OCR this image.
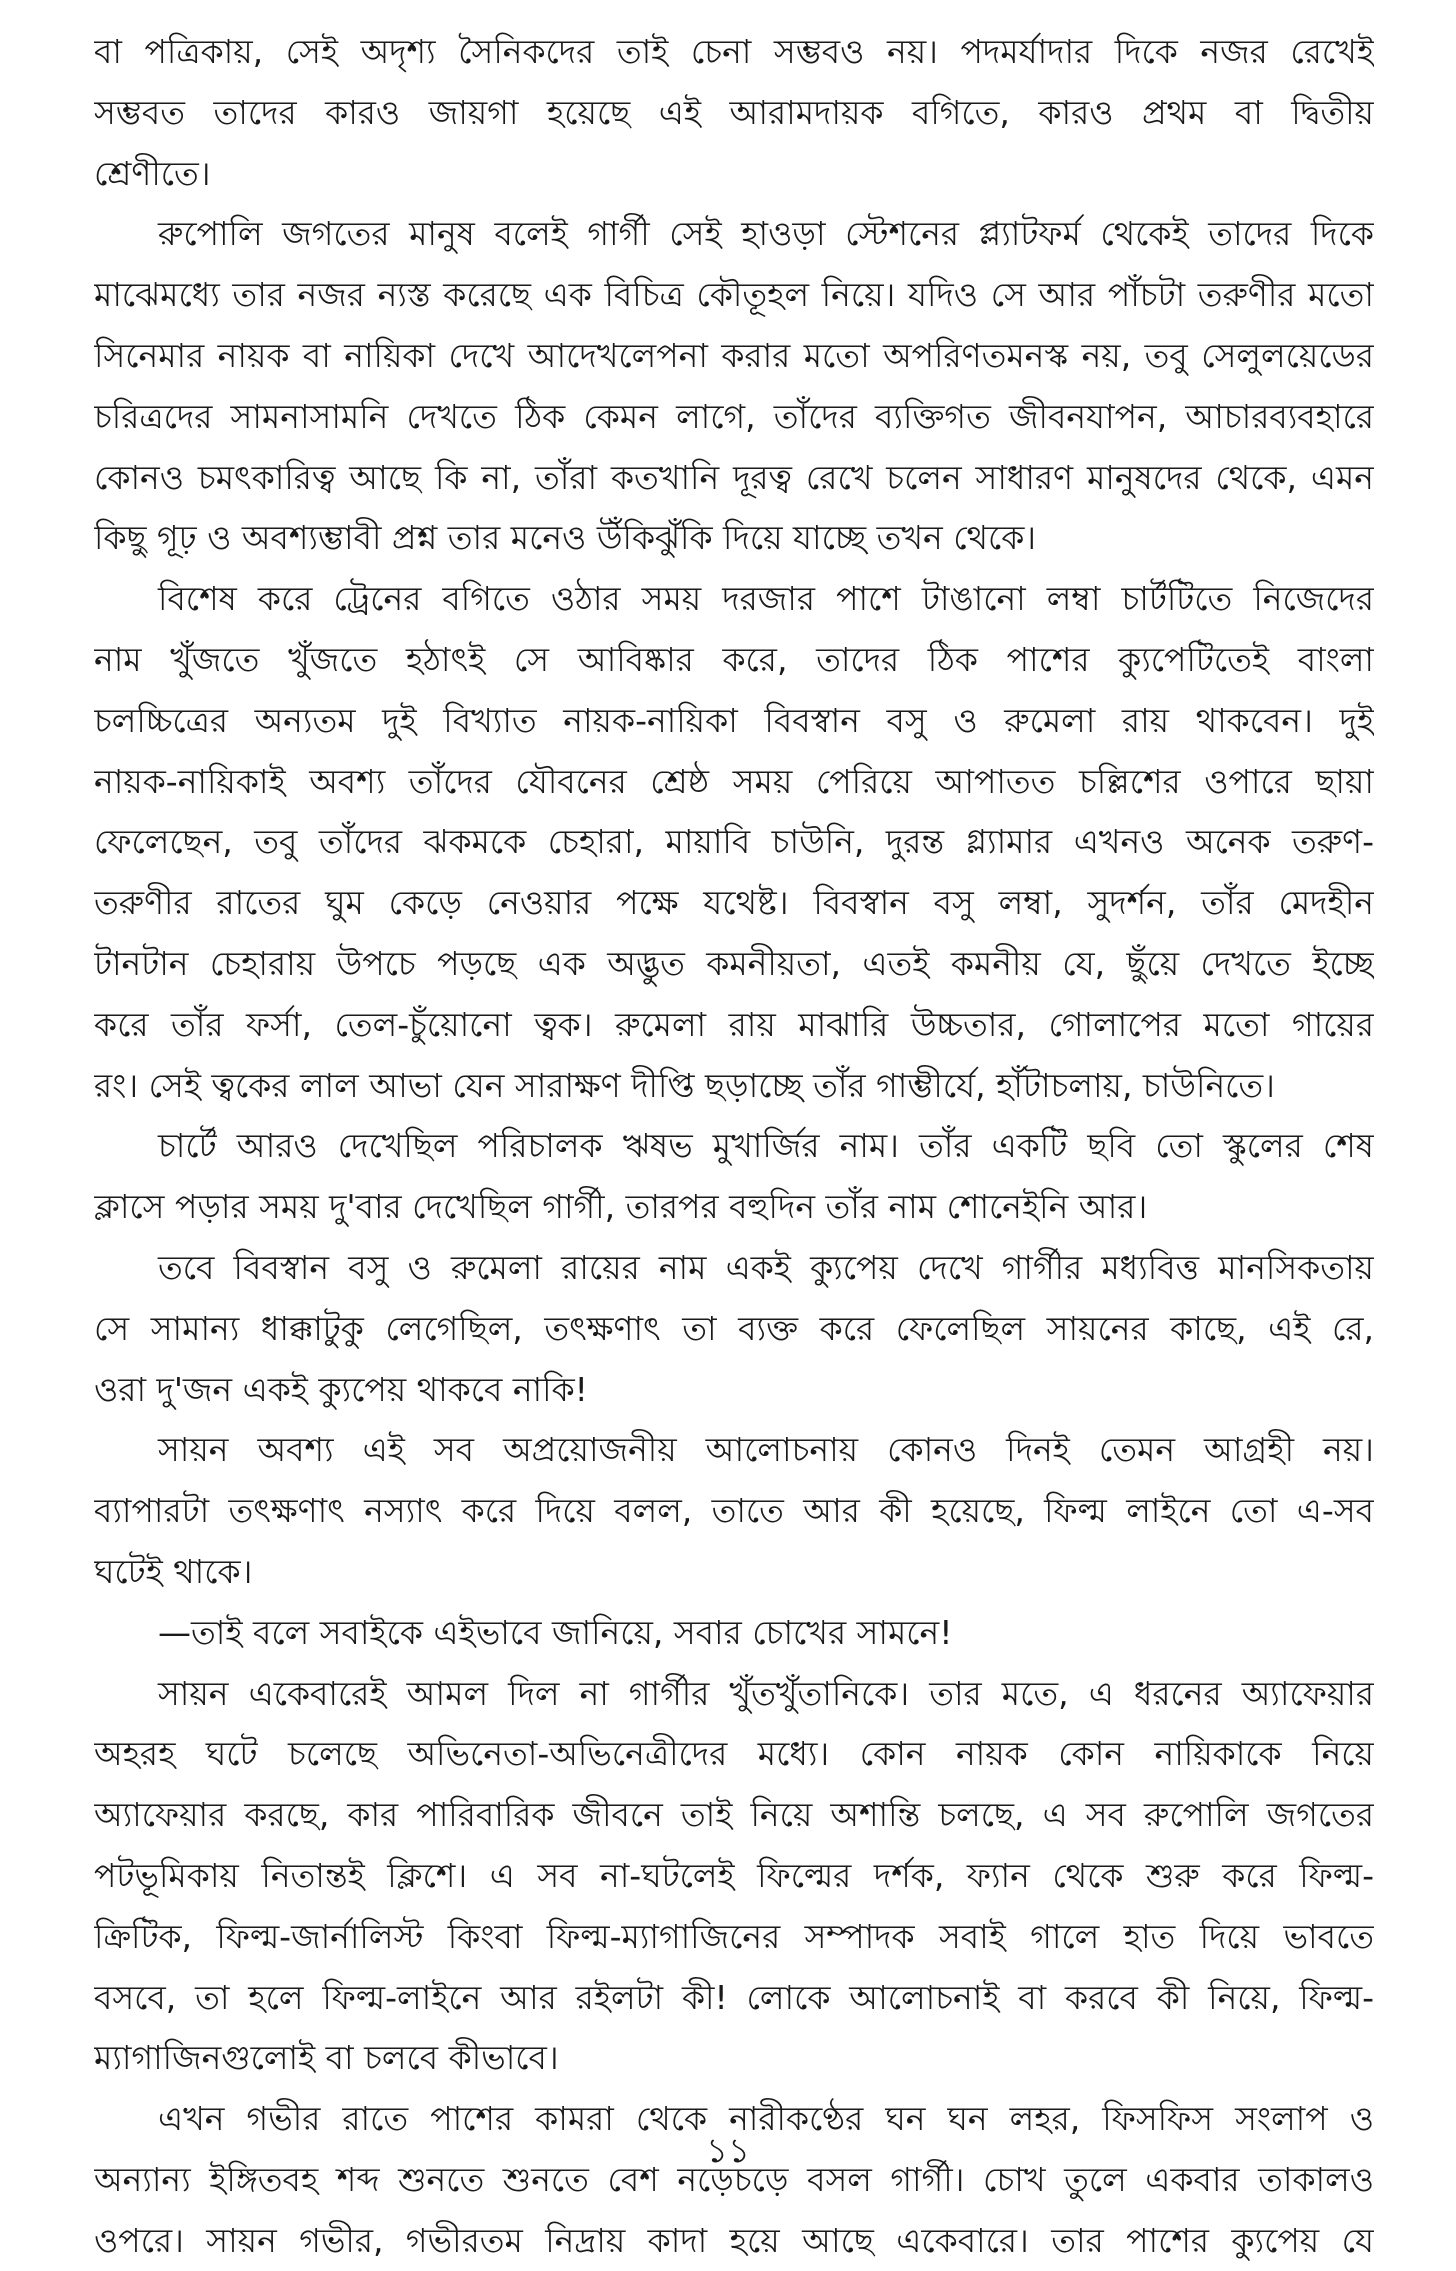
বা পত্রিকায়, সেই অদৃশ্য সৈনিকদের তাই চেনা সম্ভবও নয়। পদমর্যাদার দিকে নজর রেখেই
সম্ভবত তাদের কারও জায়গা হয়েছে এই আরামদায়ক বগিতে, কারও প্রথম বা দ্বিতীয়
শ্রেণীতে।
রুপোলি জগতের মানুষ বলেই গার্গী সেই হাওড়া স্টেশনের প্ল্যাটফর্ম থেকেই তাদের দিকে
মাঝেমধ্যে তার নজর ন্যস্ত করেছে এক বিচিত্র কৌতূহল নিয়ে। যদিও সে আর পাঁচটা তরুণীর মতো
সিনেমার নায়ক বা নায়িকা দেখে আদেখলেপনা করার মতো অপরিণতমনস্ক নয়, তবু সেলুলয়েডের
চরিত্রদের সামনাসামনি দেখতে ঠিক কেমন লাগে, তাঁদের ব্যক্তিগত জীবনযাপন, আচারব্যবহারে
কোনও চমৎকারিত্ব আছে কি না, তাঁরা কতখানি দূরত্ব রেখে চলেন সাধারণ মানুষদের থেকে, এমন
কিছু গূঢ় ও অবশ্যম্ভাবী প্রশ্ন তার মনেও উঁকিঝুঁকি দিয়ে যাচ্ছে তখন থেকে।
বিশেষ করে ট্রেনের বগিতে ওঠার সময় দরজার পাশে টাঙানো লম্বা চার্টটিতে নিজেদের
নাম খুঁজতে খুঁজতে হঠাৎই সে আবিষ্কার করে, তাদের ঠিক পাশের ক্যুপেটিতেই বাংলা
চলচ্চিত্রের অন্যতম দুই বিখ্যাত নায়ক-নায়িকা বিবস্বান বসু ও রুমেলা রায় থাকবেন। দুই
নায়ক-নায়িকাই অবশ্য তাঁদের যৌবনের শ্রেষ্ঠ সময় পেরিয়ে আপাতত চল্লিশের ওপারে ছায়া
ফেলেছেন, তবু তাঁদের ঝকমকে চেহারা, মায়াবি চাউনি, দুরন্ত গ্ল্যামার এখনও অনেক তরুণ-
তরুণীর রাতের ঘুম কেড়ে নেওয়ার পক্ষে যথেষ্ট। বিবস্বান বসু লম্বা, সুদর্শন, তাঁর মেদহীন
টানটান চেহারায় উপচে পড়ছে এক অদ্ভুত কমনীয়তা, এতই কমনীয় যে, ছুঁয়ে দেখতে ইচ্ছে
করে তাঁর ফর্সা, তেল-চুঁয়োনো ত্বক। রুমেলা রায় মাঝারি উচ্চতার, গোলাপের মতো গায়ের
রং। সেই ত্বকের লাল আভা যেন সারাক্ষণ দীপ্তি ছড়াচ্ছে তাঁর গাম্ভীর্যে, হাঁটাচলায়, চাউনিতে।
চার্টে আরও দেখেছিল পরিচালক ঋষভ মুখার্জির নাম। তাঁর একটি ছবি তো স্কুলের শেষ
ক্লাসে পড়ার সময় দু'বার দেখেছিল গার্গী, তারপর বহুদিন তাঁর নাম শোনেইনি আর।
তবে বিবস্বান বসু ও রুমেলা রায়ের নাম একই ক্যুপেয় দেখে গার্গীর মধ্যবিত্ত মানসিকতায়
সে সামান্য ধাক্কাটুকু লেগেছিল, তৎক্ষণাৎ তা ব্যক্ত করে ফেলেছিল সায়নের কাছে, এই রে,
ওরা দু'জন একই ক্যুপেয় থাকবে নাকি!
সায়ন অবশ্য এই সব অপ্রয়োজনীয় আলোচনায় কোনও দিনই তেমন আগ্রহী নয়।
ব্যাপারটা তৎক্ষণাৎ নস্যাৎ করে দিয়ে বলল, তাতে আর কী হয়েছে, ফিল্ম লাইনে তো এ-সব
ঘটেই থাকে।
—তাই বলে সবাইকে এইভাবে জানিয়ে, সবার চোখের সামনে!
সায়ন একেবারেই আমল দিল না গার্গীর খুঁতখুঁতানিকে। তার মতে, এ ধরনের অ্যাফেয়ার
অহরহ ঘটে চলেছে অভিনেতা-অভিনেত্রীদের মধ্যে। কোন নায়ক কোন নায়িকাকে নিয়ে
অ্যাফেয়ার করছে, কার পারিবারিক জীবনে তাই নিয়ে অশান্তি চলছে, এ সব রুপোলি জগতের
পটভূমিকায় নিতান্তই ক্লিশে। এ সব না-ঘটলেই ফিল্মের দর্শক, ফ্যান থেকে শুরু করে ফিল্ম-
ক্রিটিক, ফিল্ম-জার্নালিস্ট কিংবা ফিল্ম-ম্যাগাজিনের সম্পাদক সবাই গালে হাত দিয়ে ভাবতে
বসবে, তা হলে ফিল্ম-লাইনে আর রইলটা কী! লোকে আলোচনাই বা করবে কী নিয়ে, ফিল্ম-
ম্যাগাজিনগুলোই বা চলবে কীভাবে।
এখন গভীর রাতে পাশের কামরা থেকে নারীকণ্ঠের ঘন ঘন লহর, ফিসফিস সংলাপ ও
অন্যান্য ইঙ্গিতবহ শব্দ শুনতে শুনতে বেশ নড়েচড়ে বসল গার্গী। চোখ তুলে একবার তাকালও
ওপরে। সায়ন গভীর, গভীরতম নিদ্রায় কাদা হয়ে আছে একেবারে। তার পাশের ক্যুপেয় যে
১১
